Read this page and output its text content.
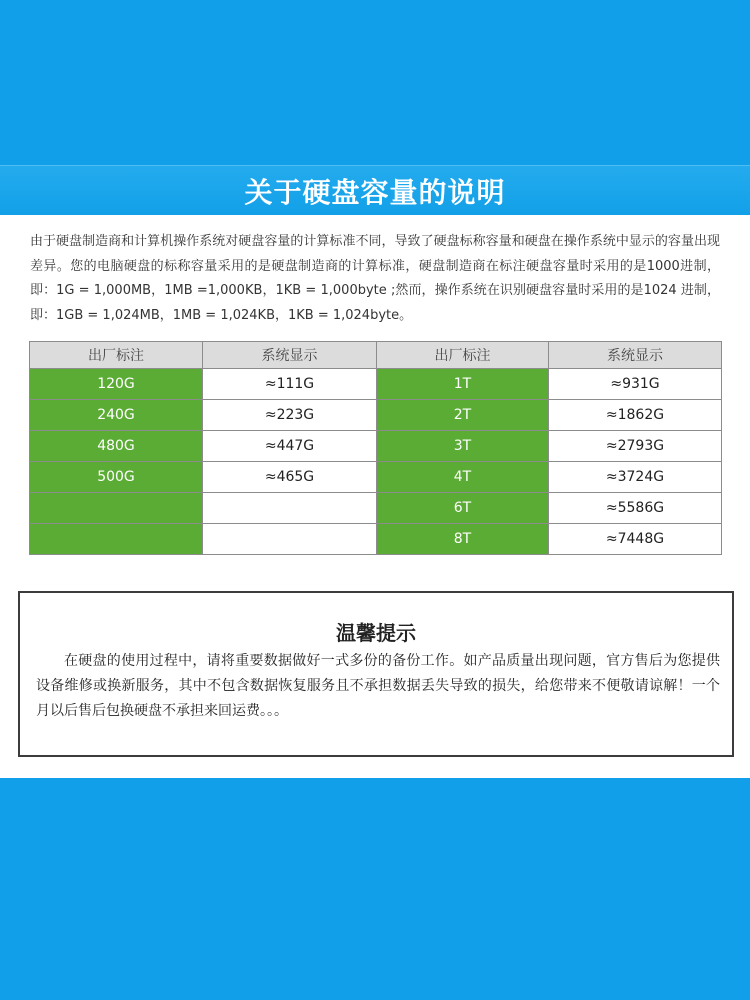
关于硬盘容量的说明

由于硬盘制造商和计算机操作系统对硬盘容量的计算标准不同，导致了硬盘标称容量和硬盘在操作系统中显示的容量出现差异。您的电脑硬盘的标称容量采用的是硬盘制造商的计算标准，硬盘制造商在标注硬盘容量时采用的是1000进制，即：1G = 1,000MB，1MB =1,000KB，1KB = 1,000byte ;然而，操作系统在识别硬盘容量时采用的是1024 进制，即：1GB = 1,024MB，1MB = 1,024KB，1KB = 1,024byte。

出厂标注	系统显示	出厂标注	系统显示
120G	≈111G	1T	≈931G
240G	≈223G	2T	≈1862G
480G	≈447G	3T	≈2793G
500G	≈465G	4T	≈3724G
		6T	≈5586G
		8T	≈7448G
温馨提示

在硬盘的使用过程中，请将重要数据做好一式多份的备份工作。如产品质量出现问题，官方售后为您提供设备维修或换新服务，其中不包含数据恢复服务且不承担数据丢失导致的损失，给您带来不便敬请谅解！一个月以后售后包换硬盘不承担来回运费。。。
